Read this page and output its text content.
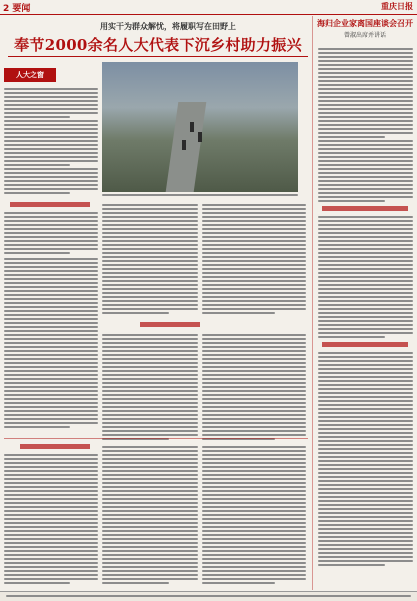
2 要闻	重庆日报
用实干为群众解忧，将履职写在田野上
奉节2000余名人大代表下沉乡村助力振兴
人大之窗
海归企业家离国座谈会召开
曾淑出席并讲话
